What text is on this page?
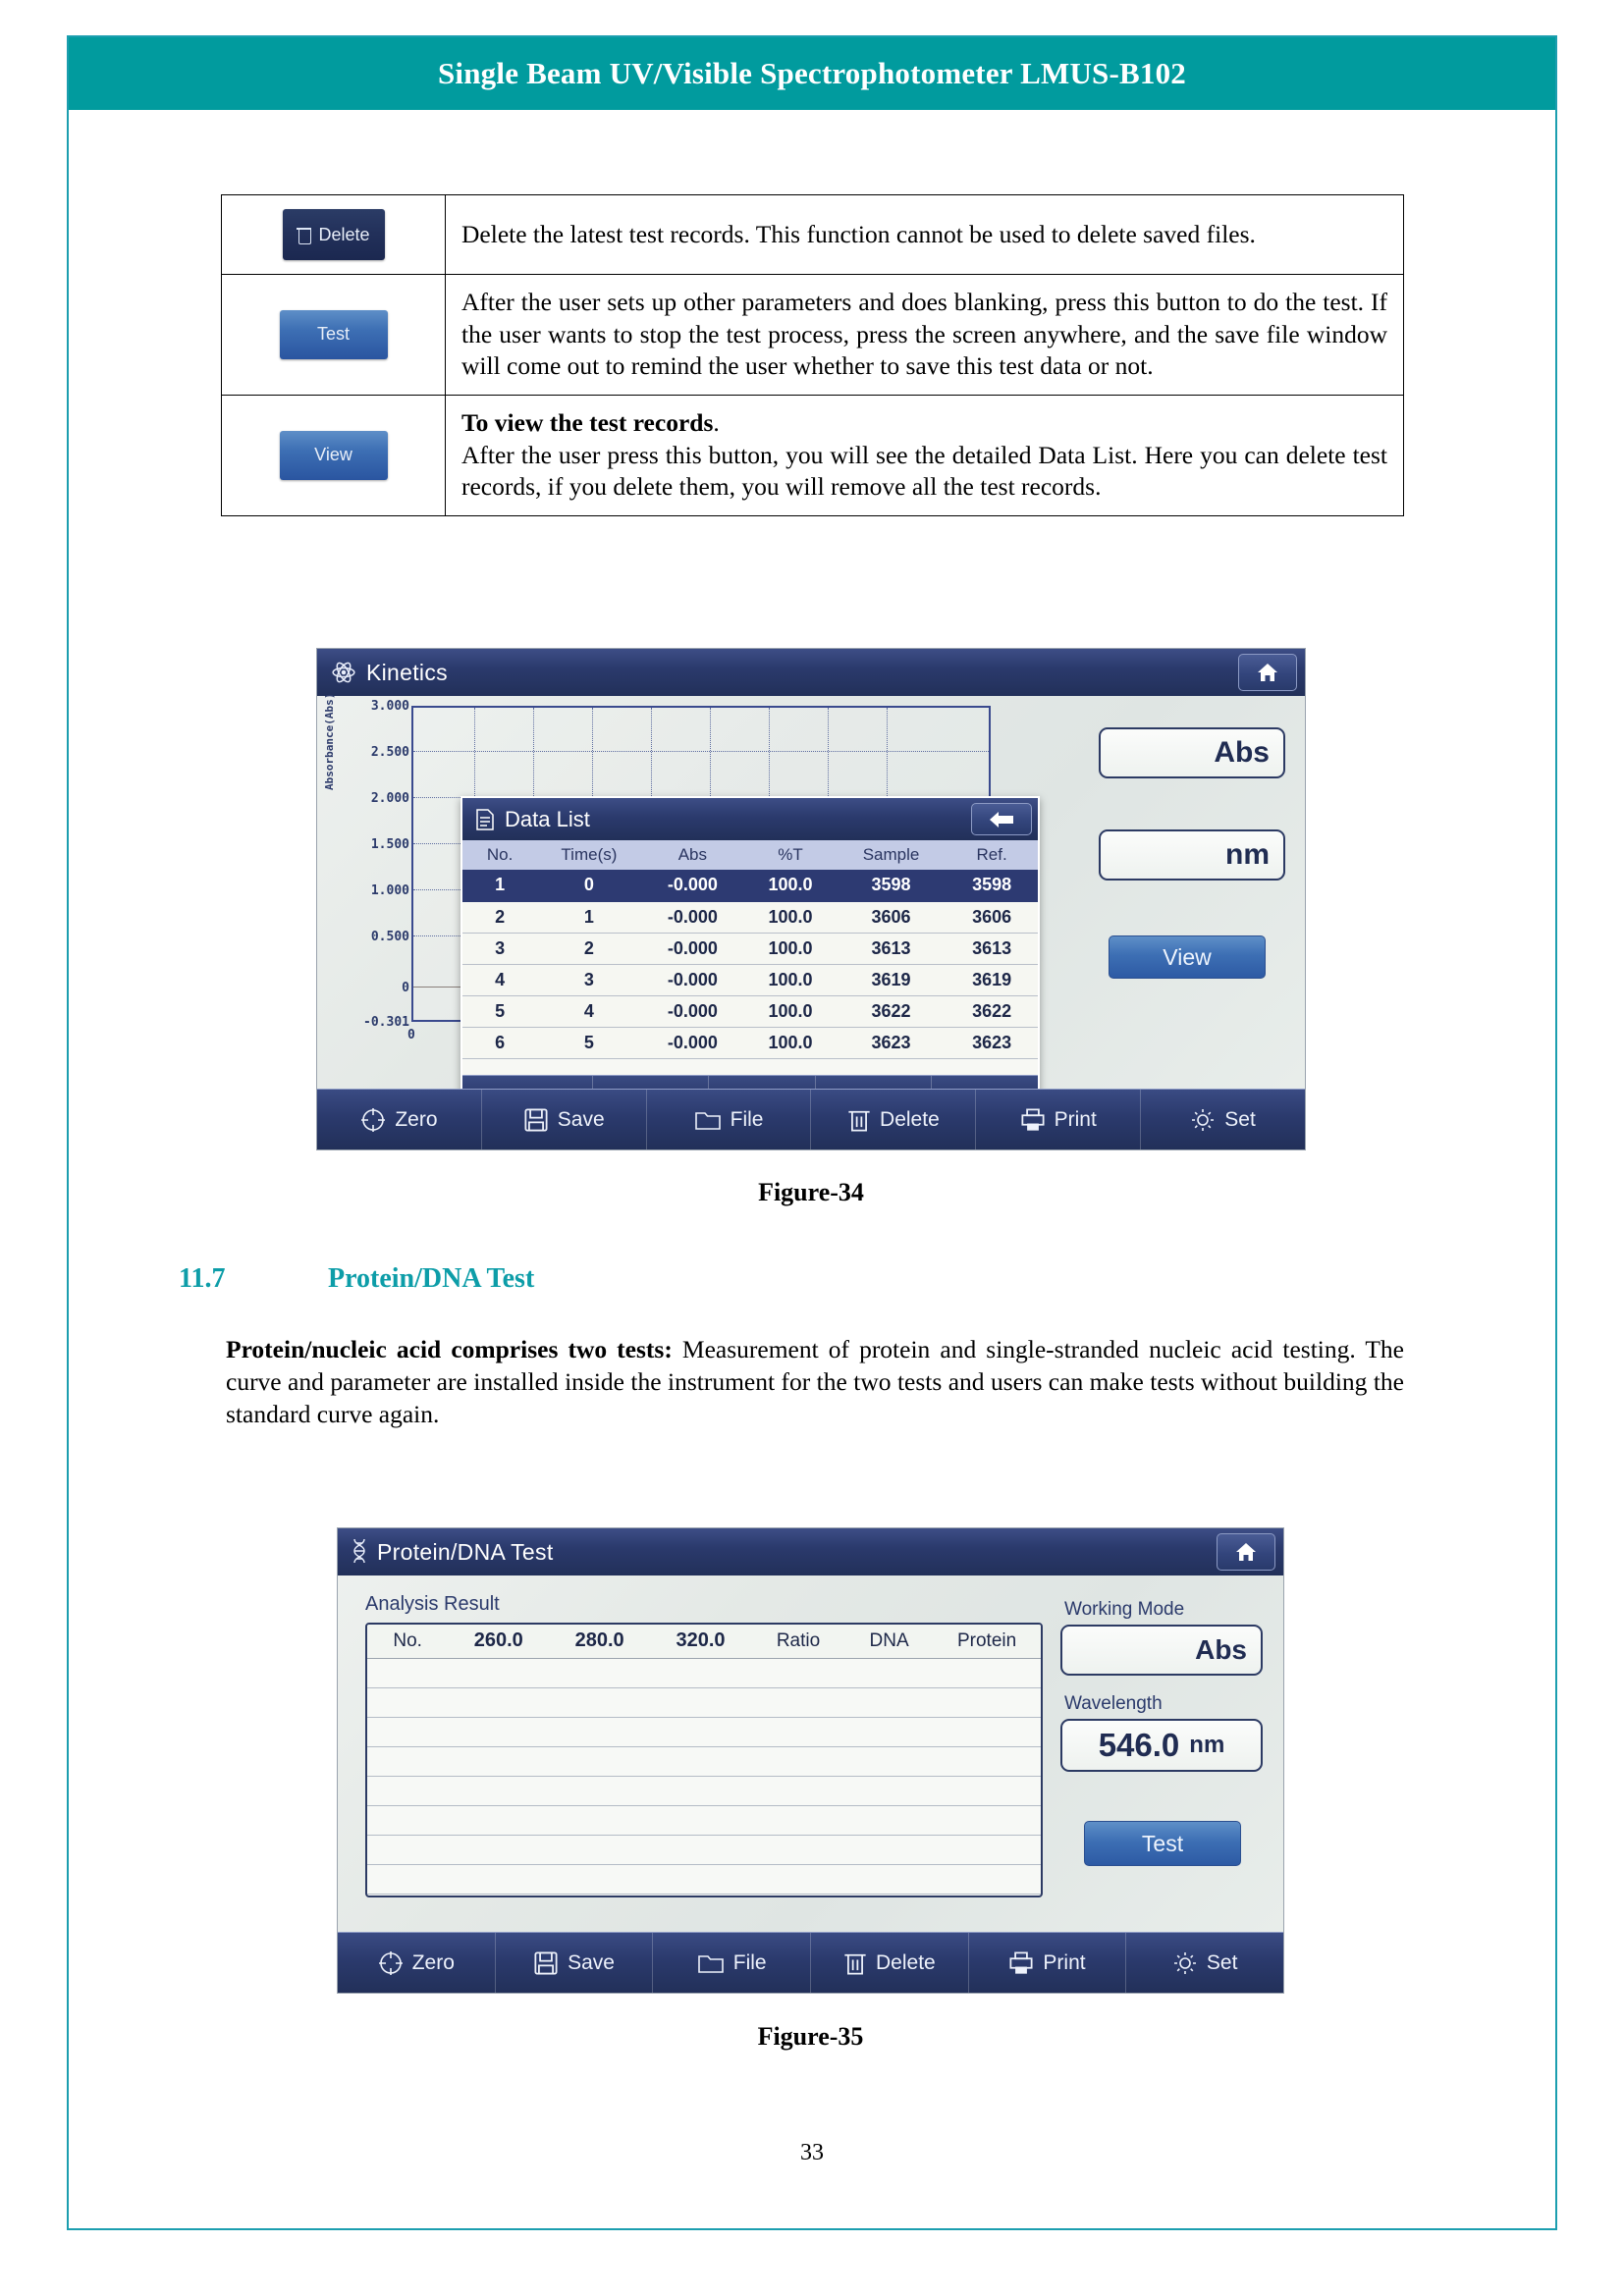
Single Beam UV/Visible Spectrophotometer LMUS-B102
Delete	Delete the latest test records. This function cannot be used to delete saved files.

Test	After the user sets up other parameters and does blanking, press this button to do the test. If the user wants to stop the test process, press the screen anywhere, and the save file window will come out to remind the user whether to save this test data or not.

View	To view the test records.
After the user press this button, you will see the detailed Data List. Here you can delete test records, if you delete them, you will remove all the test records.
Kinetics
Absorbance(Abs)	3.000
2.500
2.000
1.500
1.000
0.500
0
-0.301
0
Abs
nm
View
Data List
No.	Time(s)	Abs	%T	Sample	Ref.
1	0	-0.000	100.0	3598	3598
2	1	-0.000	100.0	3606	3606
3	2	-0.000	100.0	3613	3613
4	3	-0.000	100.0	3619	3619
5	4	-0.000	100.0	3622	3622
6	5	-0.000	100.0	3623	3623
Zero	Save	File	Delete	Print	Set
Figure-34
11.7	Protein/DNA Test
Protein/nucleic acid comprises two tests: Measurement of protein and single-stranded nucleic acid testing. The curve and parameter are installed inside the instrument for the two tests and users can make tests without building the standard curve again.
Protein/DNA Test
Analysis Result
No.	260.0	280.0	320.0	Ratio	DNA	Protein

Working Mode
Abs
Wavelength
546.0 nm
Test
Zero	Save	File	Delete	Print	Set
Figure-35
33
